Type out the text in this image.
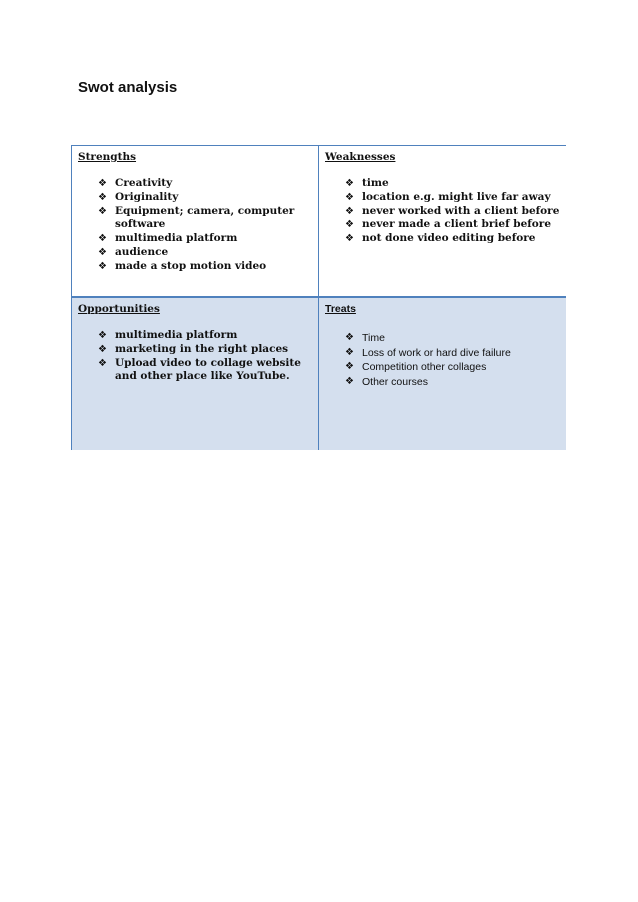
Swot analysis
Strengths
❖ Creativity
❖ Originality
❖ Equipment; camera, computer software
❖ multimedia platform
❖ audience
❖ made a stop motion video
Weaknesses
❖ time
❖ location e.g. might live far away
❖ never worked with a client before
❖ never made a client brief before
❖ not done video editing before
Opportunities
❖ multimedia platform
❖ marketing in the right places
❖ Upload video to collage website and other place like YouTube.
Treats
❖ Time
❖ Loss of work or hard dive failure
❖ Competition other collages
❖ Other courses
